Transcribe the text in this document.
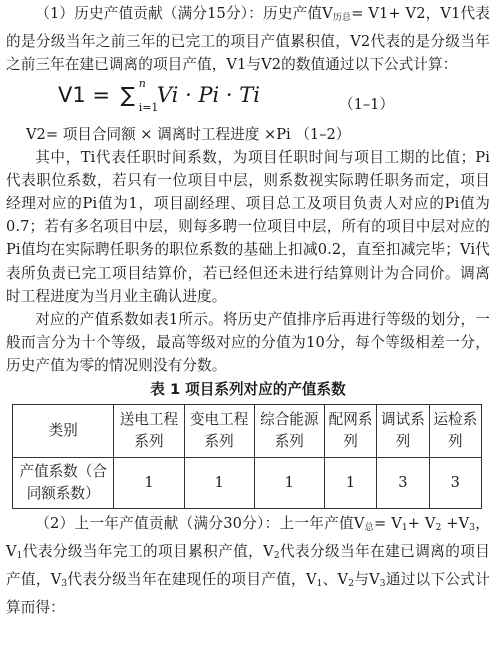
（1）历史产值贡献（满分15分）：历史产值$V_{历总}= V1+ V2$，V1代表的是分级当年之前三年的已完工的项目产值累积值，V2代表的是分级当年之前三年在建已调离的项目产值，V1与V2的数值通过以下公式计算：

V1 = ∑ n
i=1
Vi · Pi · Ti	（1–1）

V2= 项目合同额 × 调离时工程进度 ×Pi （1–2）

其中，Ti代表任职时间系数，为项目任职时间与项目工期的比值；Pi代表职位系数，若只有一位项目中层，则系数视实际聘任职务而定，项目经理对应的Pi值为1，项目副经理、项目总工及项目负责人对应的Pi值为0.7；若有多名项目中层，则每多聘一位项目中层，所有的项目中层对应的Pi值均在实际聘任职务的职位系数的基础上扣减0.2，直至扣减完毕；Vi代表所负责已完工项目结算价，若已经但还未进行结算则计为合同价。调离时工程进度为当月业主确认进度。

对应的产值系数如表1所示。将历史产值排序后再进行等级的划分，一般而言分为十个等级，最高等级对应的分值为10分，每个等级相差一分，历史产值为零的情况则没有分数。

表 1 项目系列对应的产值系数
类别	送电工程系列	变电工程系列	综合能源系列	配网系列	调试系列	运检系列
产值系数（合同额系数）	1	1	1	1	3	3

（2）上一年产值贡献（满分30分）：上一年产值$V_总= V_1+ V_2 +V_3$，$V_1$代表分级当年完工的项目累积产值，$V_2$代表分级当年在建已调离的项目产值，$V_3$代表分级当年在建现任的项目产值，$V_1$、$V_2$与$V_3$通过以下公式计算而得：
